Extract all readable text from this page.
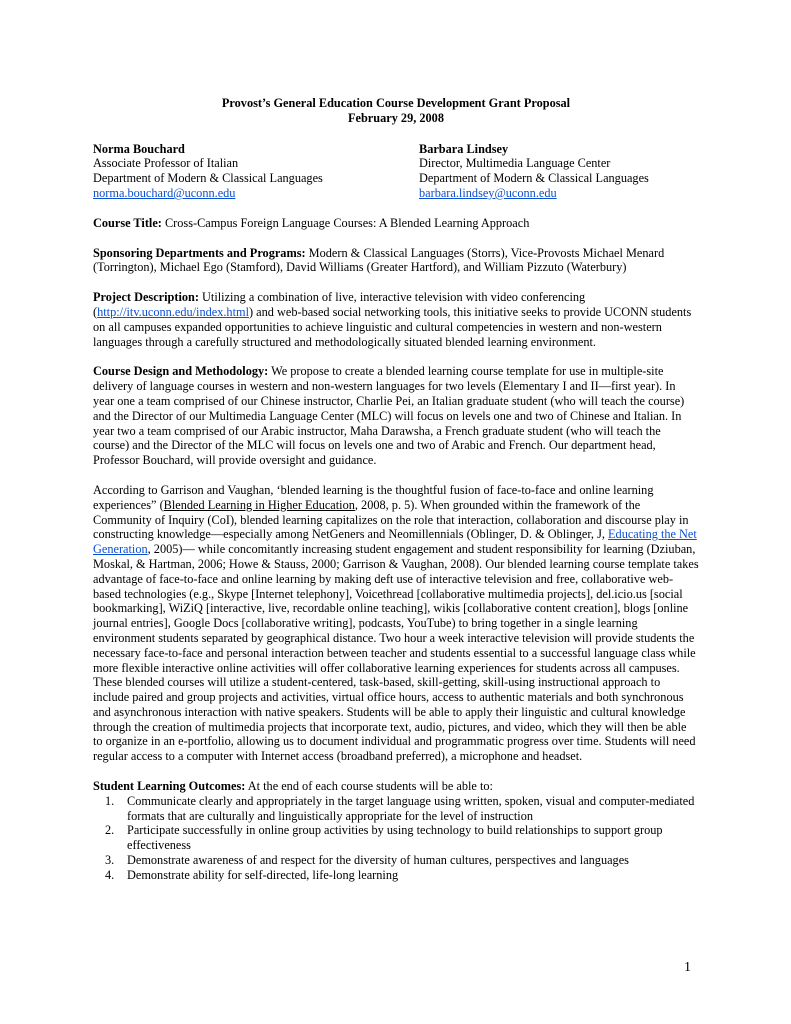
Provost’s General Education Course Development Grant Proposal
February 29, 2008
Norma Bouchard
Associate Professor of Italian
Department of Modern & Classical Languages
norma.bouchard@uconn.edu
Barbara Lindsey
Director, Multimedia Language Center
Department of Modern & Classical Languages
barbara.lindsey@uconn.edu

Course Title: Cross-Campus Foreign Language Courses: A Blended Learning Approach

Sponsoring Departments and Programs: Modern & Classical Languages (Storrs), Vice-Provosts Michael Menard (Torrington), Michael Ego (Stamford), David Williams (Greater Hartford), and William Pizzuto (Waterbury)

Project Description: Utilizing a combination of live, interactive television with video conferencing (http://itv.uconn.edu/index.html) and web-based social networking tools, this initiative seeks to provide UCONN students on all campuses expanded opportunities to achieve linguistic and cultural competencies in western and non-western languages through a carefully structured and methodologically situated blended learning environment.

Course Design and Methodology: We propose to create a blended learning course template for use in multiple-site delivery of language courses in western and non-western languages for two levels (Elementary I and II—first year). In year one a team comprised of our Chinese instructor, Charlie Pei, an Italian graduate student (who will teach the course) and the Director of our Multimedia Language Center (MLC) will focus on levels one and two of Chinese and Italian. In year two a team comprised of our Arabic instructor, Maha Darawsha, a French graduate student (who will teach the course) and the Director of the MLC will focus on levels one and two of Arabic and French. Our department head, Professor Bouchard, will provide oversight and guidance.

According to Garrison and Vaughan, ‘blended learning is the thoughtful fusion of face-to-face and online learning experiences” (Blended Learning in Higher Education, 2008, p. 5). When grounded within the framework of the Community of Inquiry (CoI), blended learning capitalizes on the role that interaction, collaboration and discourse play in constructing knowledge—especially among NetGeners and Neomillennials (Oblinger, D. & Oblinger, J, Educating the Net Generation, 2005)— while concomitantly increasing student engagement and student responsibility for learning (Dziuban, Moskal, & Hartman, 2006; Howe & Stauss, 2000; Garrison & Vaughan, 2008). Our blended learning course template takes advantage of face-to-face and online learning by making deft use of interactive television and free, collaborative web-based technologies (e.g., Skype [Internet telephony], Voicethread [collaborative multimedia projects], del.icio.us [social bookmarking], WiZiQ [interactive, live, recordable online teaching], wikis [collaborative content creation], blogs [online journal entries], Google Docs [collaborative writing], podcasts, YouTube) to bring together in a single learning environment students separated by geographical distance. Two hour a week interactive television will provide students the necessary face-to-face and personal interaction between teacher and students essential to a successful language class while more flexible interactive online activities will offer collaborative learning experiences for students across all campuses. These blended courses will utilize a student-centered, task-based, skill-getting, skill-using instructional approach to include paired and group projects and activities, virtual office hours, access to authentic materials and both synchronous and asynchronous interaction with native speakers. Students will be able to apply their linguistic and cultural knowledge through the creation of multimedia projects that incorporate text, audio, pictures, and video, which they will then be able to organize in an e-portfolio, allowing us to document individual and programmatic progress over time. Students will need regular access to a computer with Internet access (broadband preferred), a microphone and headset.

Student Learning Outcomes: At the end of each course students will be able to:

1.	Communicate clearly and appropriately in the target language using written, spoken, visual and computer-mediated formats that are culturally and linguistically appropriate for the level of instruction
2.	Participate successfully in online group activities by using technology to build relationships to support group effectiveness
3.	Demonstrate awareness of and respect for the diversity of human cultures, perspectives and languages
4.	Demonstrate ability for self-directed, life-long learning
1
